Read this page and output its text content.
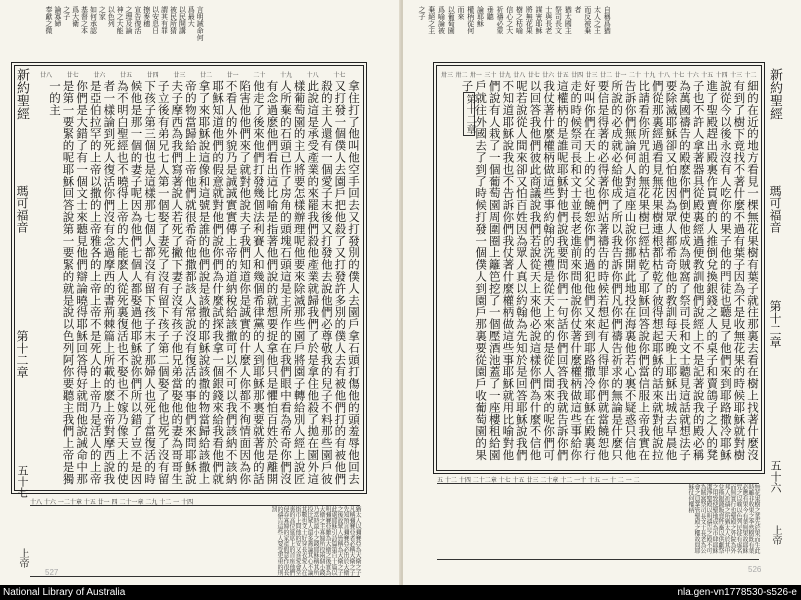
言明誡命何
爲最大
以民開講
被民所猜
謂其有罪
以安息日
擦麥穗
宣告復活
之理及論
神之大能
以色列
之家
如何承認
基督之本
爲大衛
之子
論寡婦
奉獻之微
新約聖經
瑪可福音
第十二章
五十七
上帝
十七
十八
十九
二十
廿一
廿二
廿三
廿四
廿五
廿六
廿七
廿八
拿住打了他叫他空手回去又打發別的僕人去園戶拿石頭打傷他的頭羞辱他回去又打發一個僕人去園戶把他殺了又打發許多別的僕人去有被他們打的有被他們殺的主人還有一個愛子末後又打發他去說他們必尊敬我的兒子不料那些園戶彼此說這是承受產業的來罷我們殺他產業就歸我們了於是拿住他殺了拋在園外這樣葡萄園的主人將要怎樣辦理呢他要來除滅那些園戶將園子轉給別人經上說匠人所棄的石頭已作了房角的頭塊石頭這是主所作的在我們眼中看為希奇你們沒有念過麽他們看出這比喻是指著他們說的就想要捉拿他只是懼怕百姓於是離開他走了後來他們打發幾個法利賽人和幾個希律黨的人到耶穌那裏要就著他的話陷害他他們來了就對他說夫子我們知道你是誠實的什麼人你都不徇情面因為你不看人的外貌乃是誠誠實實傳上帝的道納稅給該撒可以不可以我們該納不該納耶穌知道他們的假意就對他們說你們為什麼試探我拿一個銀錢來給我看他們就拿了來耶穌說這像和這號是誰的他們說是該撒的耶穌說該撒的物當歸給該撒上帝的物當歸給上帝他們就很希奇他撒都該人常說沒有復活的事他們來問耶穌說夫子摩西為我們寫著說人若死了撇下妻子沒有孩子他兄弟當娶他的妻為哥哥生子立後有弟兄七人第一個娶了妻死了沒有留下孩子第二個娶了他也死了沒有留下孩子第三個也是這樣那七個人都沒有留下孩子末了那婦人也死了當復活的時候他是那一個的妻子呢因為他們七個人都娶過他耶穌說你們所以錯了豈不是因為不明白聖經也不曉得上帝的大能麽人從死裏復活也不娶也不嫁乃像天上的使者一樣論到死人復活你們沒有念過摩西的書荊棘篇上所載的麽上帝對摩西說我是亞伯拉罕的上帝以撒的上帝雅各的上帝上帝不是死人的上帝乃是活人的上帝你們是大錯了有一個文士來聽見他們辯論曉得耶穌回答得好就問他說誡命中那是第一要緊的呢耶穌回答說第一要緊的就是說以色列阿你要聽主我們上帝是獨一的主
十八 十六 一二十章 十五 廿一 四 二十一章 二九 十二 一 十四
猶太人以彌賽亞為大衛之子凡稱彌賽亞者必稱大衛之子先知預言彌賽亞必出於大衛之後故眾人皆稱為大衛之子此處耶穌引詩篇第百十篇以明彌賽亞雖為大衛之後實為大衛之主寡婦所投兩個小錢乃當時最小之錢耶穌稱其所投比眾人還多蓋論其心不論其數也文士好穿長衣愛人在街市上問他的安又喜愛會堂裏的高位筵席上的首座他們侵吞寡婦的家產假意作很長的禱告這些人要受更重的刑罰
527
自稱爲猶
太人之王
而反被棄
者
猶太國主
祭司長文
士與長老
謀害耶穌
將無花果
樹之枯喻
信心之大
祈禱必蒙
垂聽
論耶穌
權柄從何
而來
以葡萄園
爲喻論被
棄絕之主
之子
新約聖經
瑪可福音
第十二章
五十六
上帝
第十二章
十二
十三
十四
十五
十六
十七
十八
十九
二十
廿一
廿二
廿三
廿四
廿五
廿六
廿七
廿八
廿九
三十
卅一
卅二
卅三
細的在近的地方看見一棵無花果樹有葉子就往那裏去看在樹上找著什麼沒有到了樹下竟找不著什麼不過有葉子因為不是收無花果的時候耶穌就對樹說從今以後永沒有人吃你的果子他的門徒也聽見了他們來到耶路撒冷耶穌進了聖殿趕出殿裏作買賣的人推倒兌換銀錢之人的桌子和賣鴿子之人的凳子也不許人拿著器具從殿裏經過便教訓他們說經上不是記著說我的殿必稱為萬國禱告的殿麽你們倒使他成為賊窩了祭司長和文士聽見這話就想法子要除滅耶穌卻又怕他因為眾人都希奇他的教訓每天晚上耶穌出城去早晨他們從那裏經過看見無花果樹連根都枯乾了彼得想起耶穌的話來就對他說拉比請看你所咒詛的無花果樹已經枯乾了耶穌回答說你們當信服上帝我實在告訴你們無論何人對這座山說你挪開此地投在海裏他若心裏不疑惑只信他所說的必成就必給他成了所以我告訴你們凡你們禱告祈求的無論是什麼只要信是得著的必得著你們站著禱告的時候若想起有人得罪你們就當饒恕他好叫你們在天上的父也饒恕你們的過犯他們又來到耶路撒冷耶穌在殿裏行走的時候祭司長和文士並長老進前來問他說你仗著什麼權柄做這些事給你這權柄的是誰呢耶穌對他們說我要問你們一句話你們回答我我就告訴你們我仗著什麼權柄做這些事約翰的洗禮是從天上來的是從人間來的呢你們可以回答我他們彼此商議說我們若說從天上來他必說這樣你們為什麼不信他呢若說從人間來卻又怕百姓因為眾人真以約翰為先知於是回答耶穌說我們不知道耶穌說我也不告訴你們我仗著什麼權柄做這些事耶穌就用比喻對他們說有人栽了一個葡萄園周圍圈上籬笆挖了一個壓酒池蓋了一座樓租給園戶就往外國去了到了時候打發一個僕人到園戶那裏要從園戶收葡萄園的果子
五 十二 十四 二十二章 十七 十五 廿三 二十章 十二 一十 十五 一 十 二 一 二
無花果樹之葉先於果而生此時雖非收果之季然樹既有葉必應有果今有葉無果故耶穌咒之以喻以色列民徒有虛名而無實行也聖殿之外院為外邦人祈禱之所猶太人於其中兌換銀錢販賣牲畜以供獻祭之用致使聖地成為市肆耶穌潔淨聖殿以明禱告之殿不可為賊窩祭司長文士長老為公會之員掌管聖殿之權故問耶穌仗何權柄
526
National Library of Australia	nla.gen-vn1778530-s526-e
